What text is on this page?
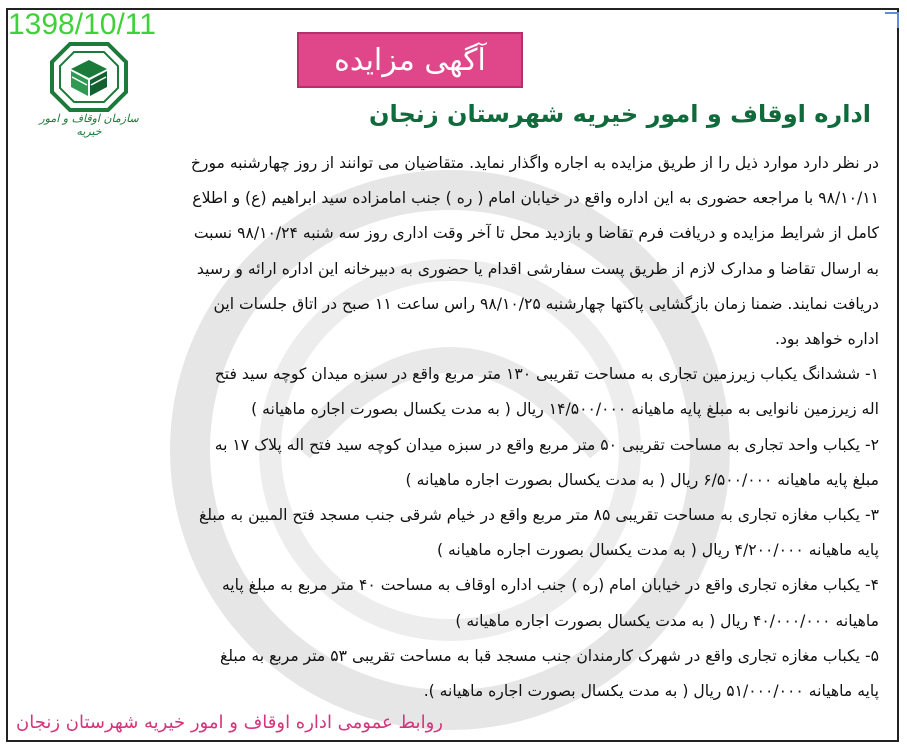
1398/10/11
آگهی مزایده
سازمان اوقاف و امور خیریه
اداره اوقاف و امور خیریه شهرستان زنجان

در نظر دارد موارد ذیل را از طریق مزایده به اجاره واگذار نماید. متقاضیان می توانند از روز چهارشنبه مورخ

۹۸/۱۰/۱۱ با مراجعه حضوری به این اداره واقع در خیابان امام ( ره ) جنب امامزاده سید ابراهیم (ع) و اطلاع

کامل از شرایط مزایده و دریافت فرم تقاضا و بازدید محل تا آخر وقت اداری روز سه شنبه ۹۸/۱۰/۲۴ نسبت

به ارسال تقاضا و مدارک لازم از طریق پست سفارشی اقدام یا حضوری به دبیرخانه این اداره ارائه و رسید

دریافت نمایند. ضمنا زمان بازگشایی پاکتها چهارشنبه ۹۸/۱۰/۲۵ راس ساعت ۱۱ صبح در اتاق جلسات این

اداره خواهد بود.

۱- ششدانگ یکباب زیرزمین تجاری به مساحت تقریبی ۱۳۰ متر مربع واقع در سبزه میدان کوچه سید فتح

اله زیرزمین نانوایی به مبلغ پایه ماهیانه ۱۴/۵۰۰/۰۰۰ ریال ( به مدت یکسال بصورت اجاره ماهیانه )

۲- یکباب واحد تجاری به مساحت تقریبی ۵۰ متر مربع واقع در سبزه میدان کوچه سید فتح اله پلاک ۱۷ به

مبلغ پایه ماهیانه ۶/۵۰۰/۰۰۰ ریال ( به مدت یکسال بصورت اجاره ماهیانه )

۳- یکباب مغازه تجاری به مساحت تقریبی ۸۵ متر مربع واقع در خیام شرقی جنب مسجد فتح المبین به مبلغ

پایه ماهیانه ۴/۲۰۰/۰۰۰ ریال ( به مدت یکسال بصورت اجاره ماهیانه )

۴- یکباب مغازه تجاری واقع در خیابان امام (ره ) جنب اداره اوقاف به مساحت ۴۰ متر مربع به مبلغ پایه

ماهیانه ۴۰/۰۰۰/۰۰۰ ریال ( به مدت یکسال بصورت اجاره ماهیانه )

۵- یکباب مغازه تجاری واقع در شهرک کارمندان جنب مسجد قبا به مساحت تقریبی ۵۳ متر مربع به مبلغ

پایه ماهیانه ۵۱/۰۰۰/۰۰۰ ریال ( به مدت یکسال بصورت اجاره ماهیانه ).

روابط عمومی اداره اوقاف و امور خیریه شهرستان زنجان
